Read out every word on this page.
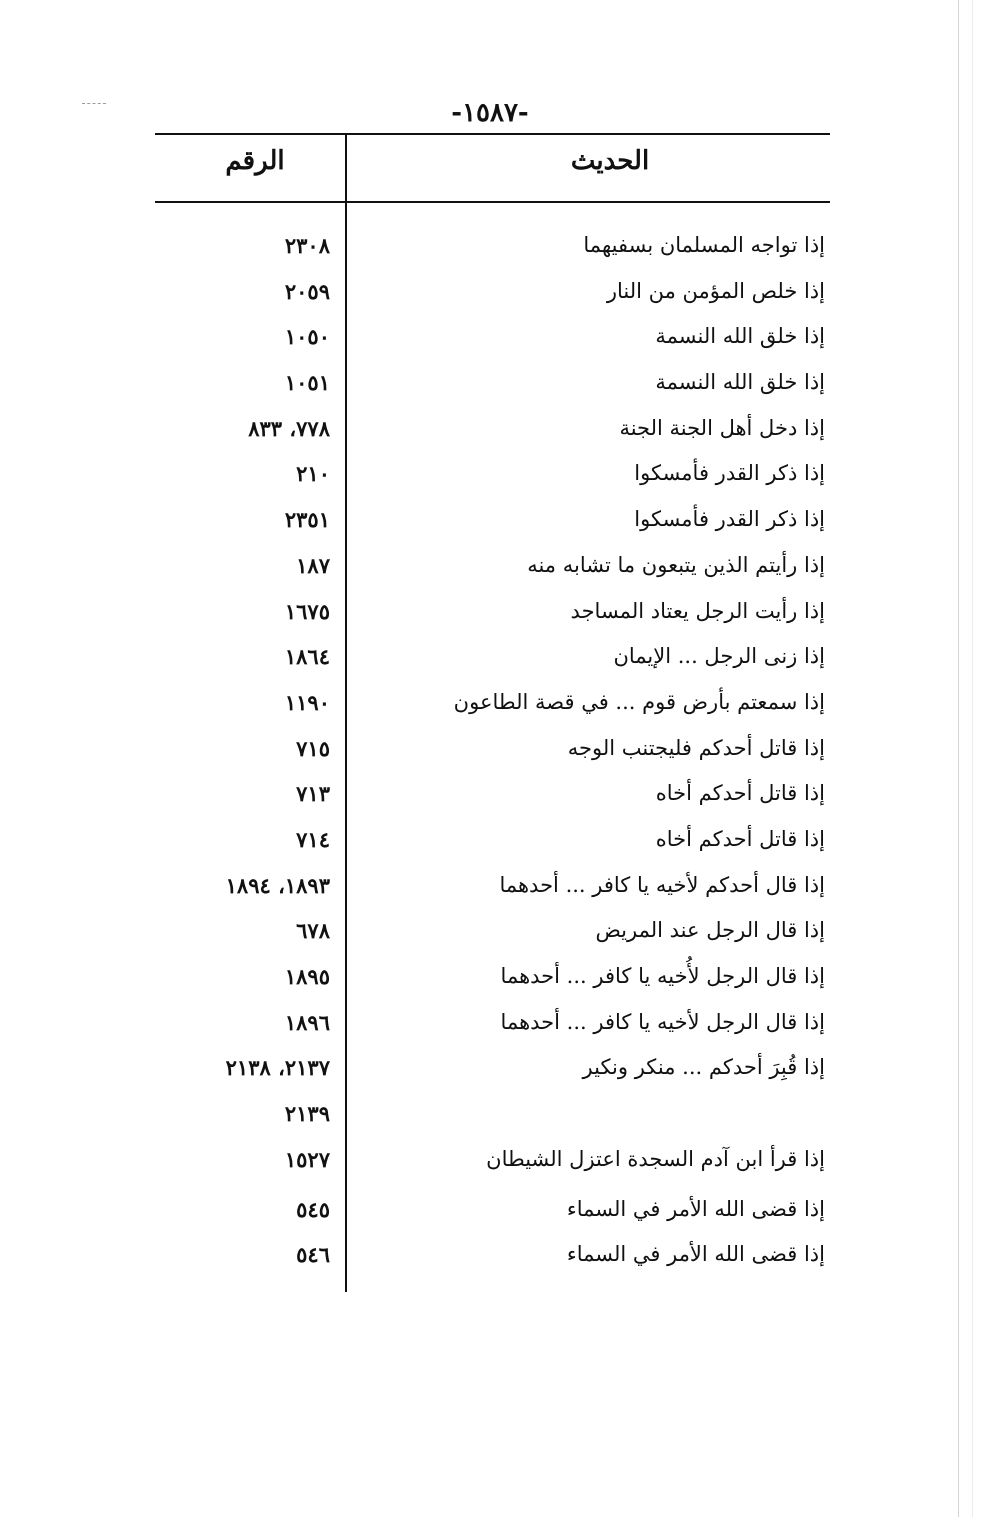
-١٥٨٧-
الحديث
الرقم
إذا تواجه المسلمان بسفيهما
٢٣٠٨
إذا خلص المؤمن من النار
٢٠٥٩
إذا خلق الله النسمة
١٠٥٠
إذا خلق الله النسمة
١٠٥١
إذا دخل أهل الجنة الجنة
٧٧٨، ٨٣٣
إذا ذكر القدر فأمسكوا
٢١٠
إذا ذكر القدر فأمسكوا
٢٣٥١
إذا رأيتم الذين يتبعون ما تشابه منه
١٨٧
إذا رأيت الرجل يعتاد المساجد
١٦٧٥
إذا زنى الرجل ... الإيمان
١٨٦٤
إذا سمعتم بأرض قوم ... في قصة الطاعون
١١٩٠
إذا قاتل أحدكم فليجتنب الوجه
٧١٥
إذا قاتل أحدكم أخاه
٧١٣
إذا قاتل أحدكم أخاه
٧١٤
إذا قال أحدكم لأخيه يا كافر ... أحدهما
١٨٩٣، ١٨٩٤
إذا قال الرجل عند المريض
٦٧٨
إذا قال الرجل لأُخيه يا كافر ... أحدهما
١٨٩٥
إذا قال الرجل لأخيه يا كافر ... أحدهما
١٨٩٦
إذا قُبِرَ أحدكم ... منكر ونكير
٢١٣٧، ٢١٣٨
٢١٣٩
إذا قرأ ابن آدم السجدة اعتزل الشيطان
١٥٢٧
إذا قضى الله الأمر في السماء
٥٤٥
إذا قضى الله الأمر في السماء
٥٤٦
